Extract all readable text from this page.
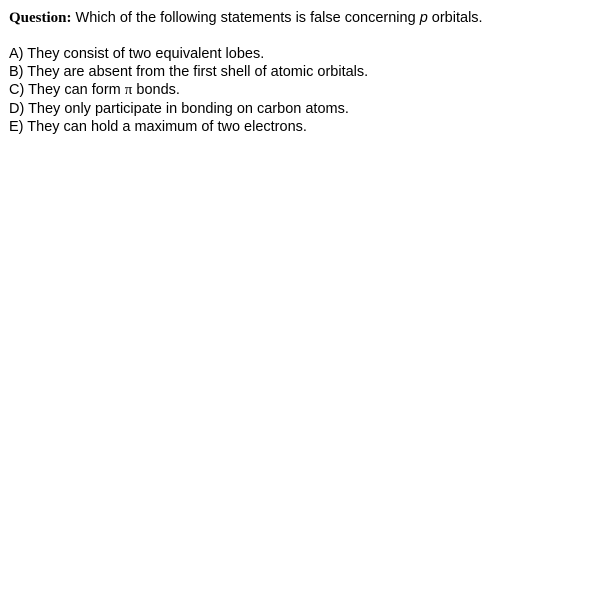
Question: Which of the following statements is false concerning p orbitals.
A) They consist of two equivalent lobes.
B) They are absent from the first shell of atomic orbitals.
C) They can form π bonds.
D) They only participate in bonding on carbon atoms.
E) They can hold a maximum of two electrons.
